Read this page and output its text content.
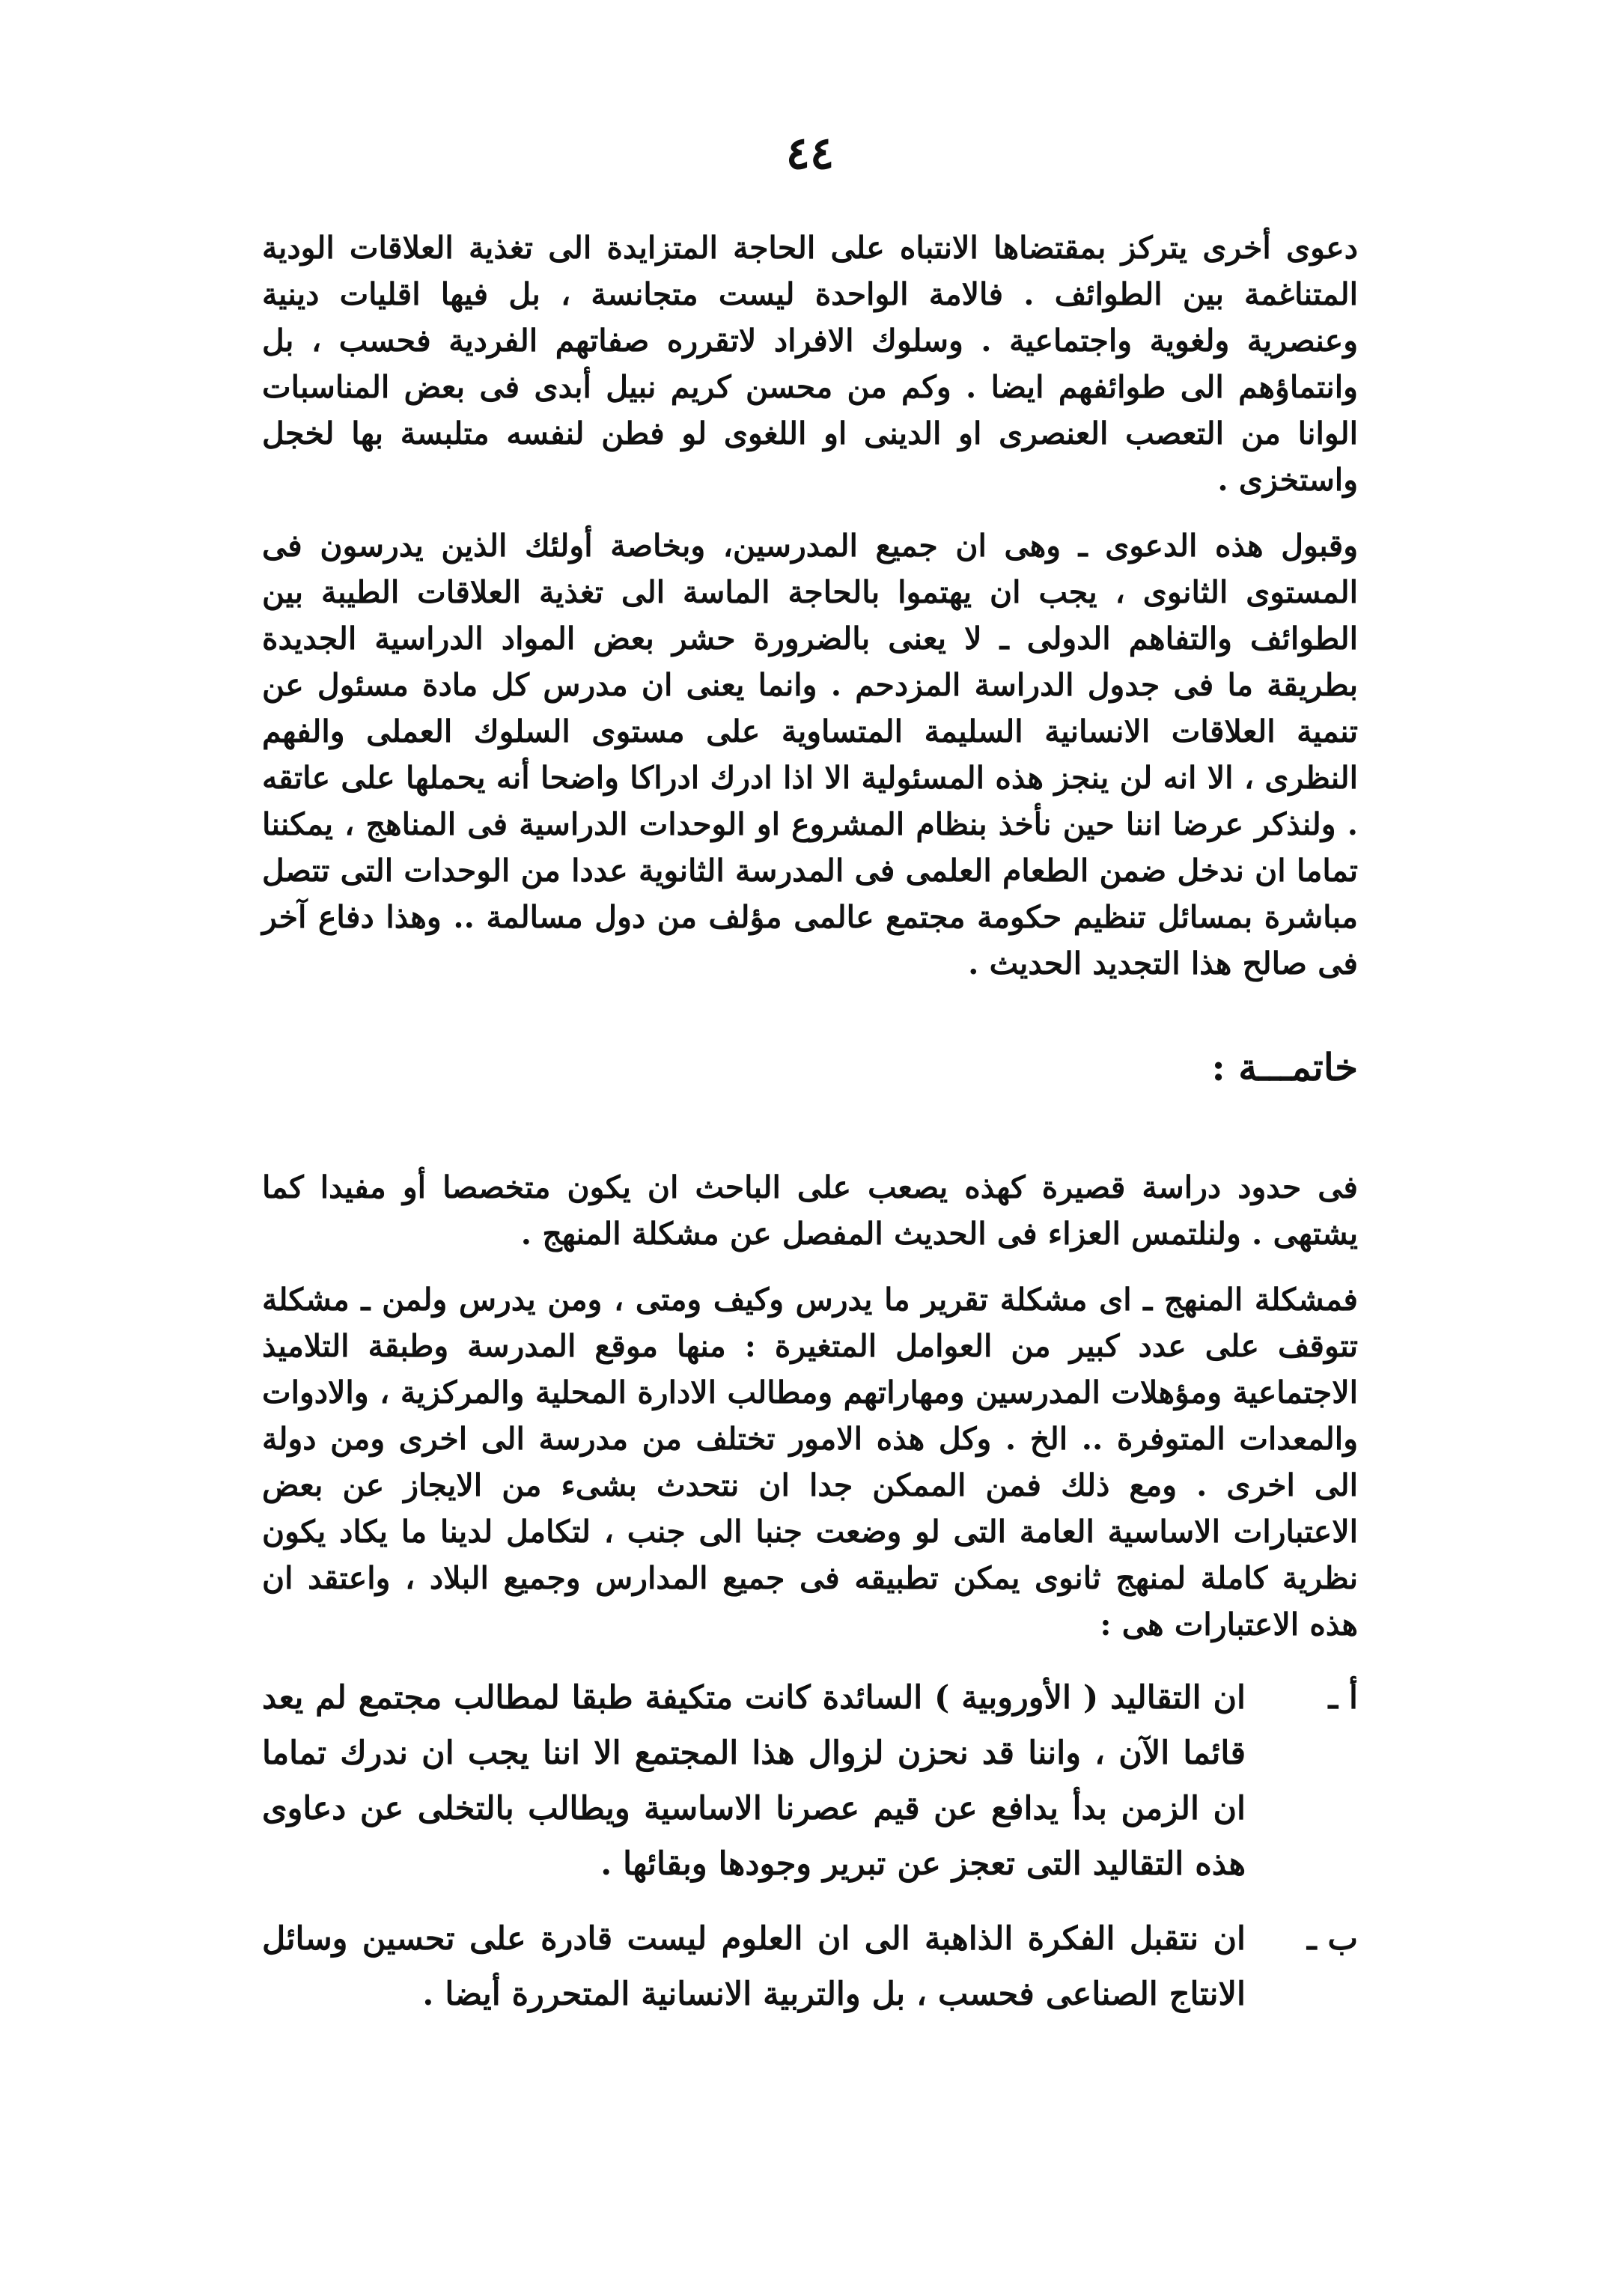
٤٤

دعوى أخرى يتركز بمقتضاها الانتباه على الحاجة المتزايدة الى تغذية العلاقات الودية المتناغمة بين الطوائف . فالامة الواحدة ليست متجانسة ، بل فيها اقليات دينية وعنصرية ولغوية واجتماعية . وسلوك الافراد لاتقرره صفاتهم الفردية فحسب ، بل وانتماؤهم الى طوائفهم ايضا . وكم من محسن كريم نبيل أبدى فى بعض المناسبات الوانا من التعصب العنصرى او الدينى او اللغوى لو فطن لنفسه متلبسة بها لخجل واستخزى .

وقبول هذه الدعوى ـ وهى ان جميع المدرسين، وبخاصة أولئك الذين يدرسون فى المستوى الثانوى ، يجب ان يهتموا بالحاجة الماسة الى تغذية العلاقات الطيبة بين الطوائف والتفاهم الدولى ـ لا يعنى بالضرورة حشر بعض المواد الدراسية الجديدة بطريقة ما فى جدول الدراسة المزدحم . وانما يعنى ان مدرس كل مادة مسئول عن تنمية العلاقات الانسانية السليمة المتساوية على مستوى السلوك العملى والفهم النظرى ، الا انه لن ينجز هذه المسئولية الا اذا ادرك ادراكا واضحا أنه يحملها على عاتقه . ولنذكر عرضا اننا حين نأخذ بنظام المشروع او الوحدات الدراسية فى المناهج ، يمكننا تماما ان ندخل ضمن الطعام العلمى فى المدرسة الثانوية عددا من الوحدات التى تتصل مباشرة بمسائل تنظيم حكومة مجتمع عالمى مؤلف من دول مسالمة .. وهذا دفاع آخر فى صالح هذا التجديد الحديث .

خاتمـــة :

فى حدود دراسة قصيرة كهذه يصعب على الباحث ان يكون متخصصا أو مفيدا كما يشتهى . ولنلتمس العزاء فى الحديث المفصل عن مشكلة المنهج .

فمشكلة المنهج ـ اى مشكلة تقرير ما يدرس وكيف ومتى ، ومن يدرس ولمن ـ مشكلة تتوقف على عدد كبير من العوامل المتغيرة : منها موقع المدرسة وطبقة التلاميذ الاجتماعية ومؤهلات المدرسين ومهاراتهم ومطالب الادارة المحلية والمركزية ، والادوات والمعدات المتوفرة .. الخ . وكل هذه الامور تختلف من مدرسة الى اخرى ومن دولة الى اخرى . ومع ذلك فمن الممكن جدا ان نتحدث بشىء من الايجاز عن بعض الاعتبارات الاساسية العامة التى لو وضعت جنبا الى جنب ، لتكامل لدينا ما يكاد يكون نظرية كاملة لمنهج ثانوى يمكن تطبيقه فى جميع المدارس وجميع البلاد ، واعتقد ان هذه الاعتبارات هى :

أ ـ
ان التقاليد ( الأوروبية ) السائدة كانت متكيفة طبقا لمطالب مجتمع لم يعد قائما الآن ، واننا قد نحزن لزوال هذا المجتمع الا اننا يجب ان ندرك تماما ان الزمن بدأ يدافع عن قيم عصرنا الاساسية ويطالب بالتخلى عن دعاوى هذه التقاليد التى تعجز عن تبرير وجودها وبقائها .
ب ـ
ان نتقبل الفكرة الذاهبة الى ان العلوم ليست قادرة على تحسين وسائل الانتاج الصناعى فحسب ، بل والتربية الانسانية المتحررة أيضا .
